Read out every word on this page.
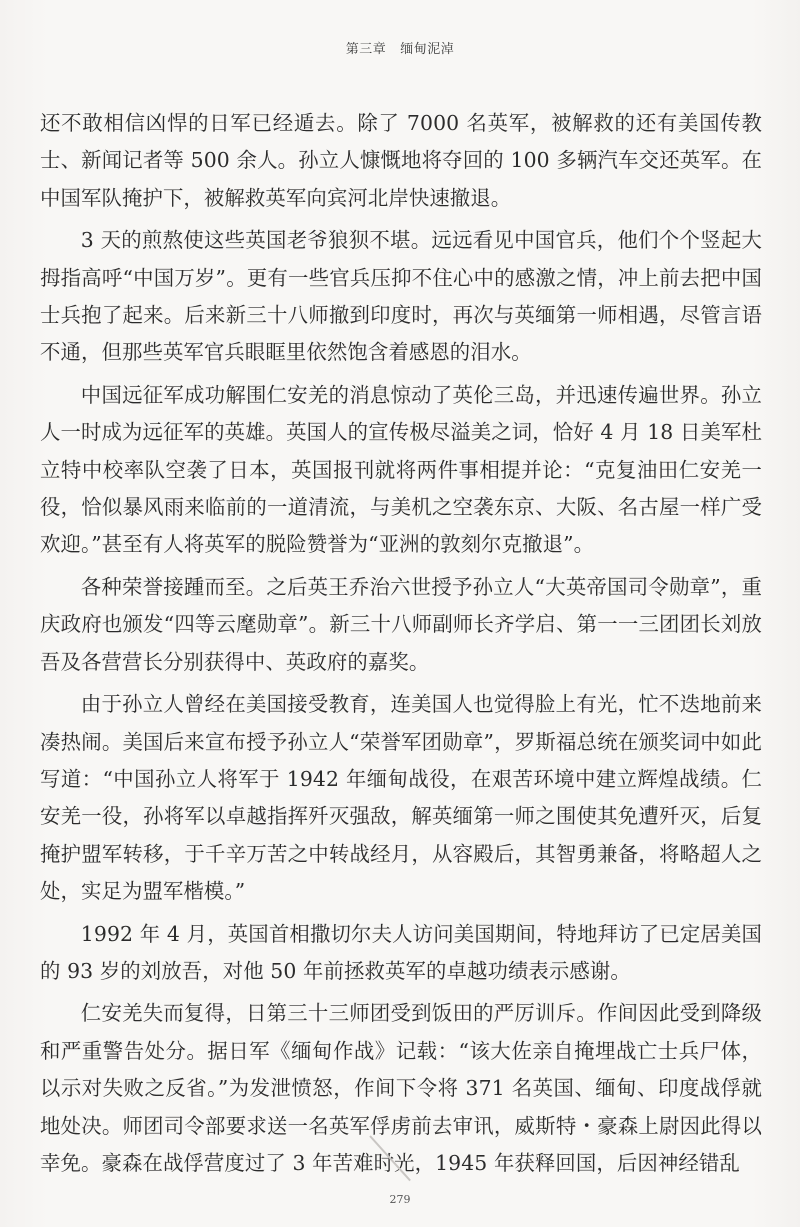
第三章 缅甸泥淖

还不敢相信凶悍的日军已经遁去。除了 7000 名英军，被解救的还有美国传教士、新闻记者等 500 余人。孙立人慷慨地将夺回的 100 多辆汽车交还英军。在中国军队掩护下，被解救英军向宾河北岸快速撤退。

3 天的煎熬使这些英国老爷狼狈不堪。远远看见中国官兵，他们个个竖起大拇指高呼“中国万岁”。更有一些官兵压抑不住心中的感激之情，冲上前去把中国士兵抱了起来。后来新三十八师撤到印度时，再次与英缅第一师相遇，尽管言语不通，但那些英军官兵眼眶里依然饱含着感恩的泪水。

中国远征军成功解围仁安羌的消息惊动了英伦三岛，并迅速传遍世界。孙立人一时成为远征军的英雄。英国人的宣传极尽溢美之词，恰好 4 月 18 日美军杜立特中校率队空袭了日本，英国报刊就将两件事相提并论：“克复油田仁安羌一役，恰似暴风雨来临前的一道清流，与美机之空袭东京、大阪、名古屋一样广受欢迎。”甚至有人将英军的脱险赞誉为“亚洲的敦刻尔克撤退”。

各种荣誉接踵而至。之后英王乔治六世授予孙立人“大英帝国司令勋章”，重庆政府也颁发“四等云麾勋章”。新三十八师副师长齐学启、第一一三团团长刘放吾及各营营长分别获得中、英政府的嘉奖。

由于孙立人曾经在美国接受教育，连美国人也觉得脸上有光，忙不迭地前来凑热闹。美国后来宣布授予孙立人“荣誉军团勋章”，罗斯福总统在颁奖词中如此写道：“中国孙立人将军于 1942 年缅甸战役，在艰苦环境中建立辉煌战绩。仁安羌一役，孙将军以卓越指挥歼灭强敌，解英缅第一师之围使其免遭歼灭，后复掩护盟军转移，于千辛万苦之中转战经月，从容殿后，其智勇兼备，将略超人之处，实足为盟军楷模。”

1992 年 4 月，英国首相撒切尔夫人访问美国期间，特地拜访了已定居美国的 93 岁的刘放吾，对他 50 年前拯救英军的卓越功绩表示感谢。

仁安羌失而复得，日第三十三师团受到饭田的严厉训斥。作间因此受到降级和严重警告处分。据日军《缅甸作战》记载：“该大佐亲自掩埋战亡士兵尸体，以示对失败之反省。”为发泄愤怒，作间下令将 371 名英国、缅甸、印度战俘就地处决。师团司令部要求送一名英军俘虏前去审讯，威斯特・豪森上尉因此得以幸免。豪森在战俘营度过了 3 年苦难时光，1945 年获释回国，后因神经错乱

279
